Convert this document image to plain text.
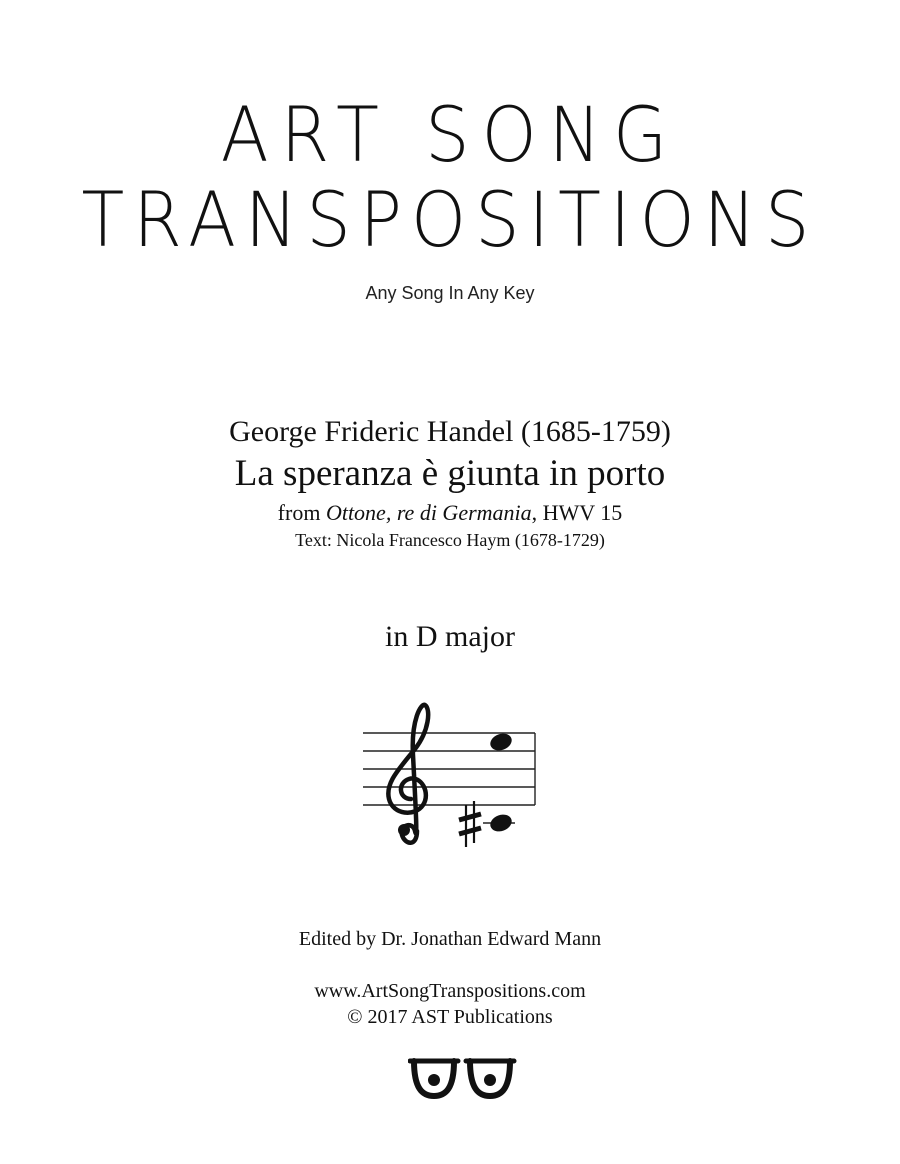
ART SONG
TRANSPOSITIONS
Any Song In Any Key
George Frideric Handel (1685-1759)
La speranza è giunta in porto
from Ottone, re di Germania, HWV 15
Text: Nicola Francesco Haym (1678-1729)
in D major
Edited by Dr. Jonathan Edward Mann
www.ArtSongTranspositions.com
© 2017 AST Publications
